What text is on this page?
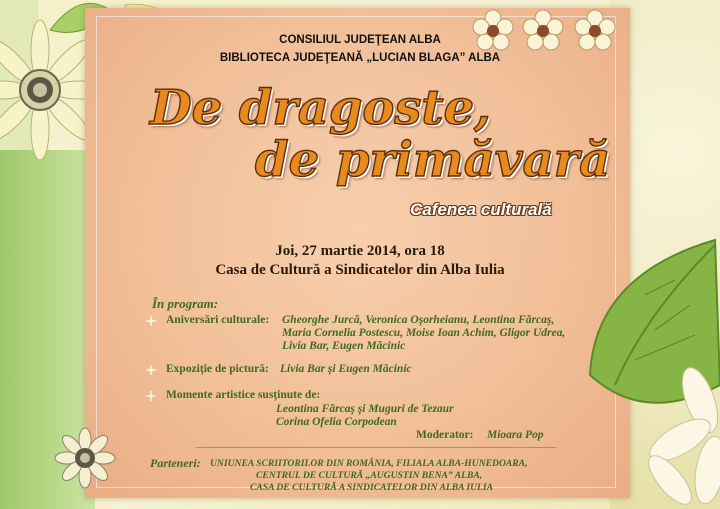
CONSILIUL JUDEŢEAN ALBA
BIBLIOTECA JUDEŢEANĂ „LUCIAN BLAGA” ALBA
De dragoste,
de primăvară
Cafenea culturală
Joi, 27 martie 2014, ora 18
Casa de Cultură a Sindicatelor din Alba Iulia
În program:
Aniversări culturale: Gheorghe Jurcă, Veronica Oşorheianu, Leontina Fărcaş,
Maria Cornelia Postescu, Moise Ioan Achim, Gligor Udrea,
Livia Bar, Eugen Măcinic
Expoziţie de pictură: Livia Bar şi Eugen Măcinic
Momente artistice susţinute de:
Leontina Fărcaş şi Muguri de Tezaur
Corina Ofelia Corpodean
Moderator: Mioara Pop
Parteneri: UNIUNEA SCRIITORILOR DIN ROMÂNIA, FILIALA ALBA-HUNEDOARA,
CENTRUL DE CULTURĂ „AUGUSTIN BENA” ALBA,
CASA DE CULTURĂ A SINDICATELOR DIN ALBA IULIA
